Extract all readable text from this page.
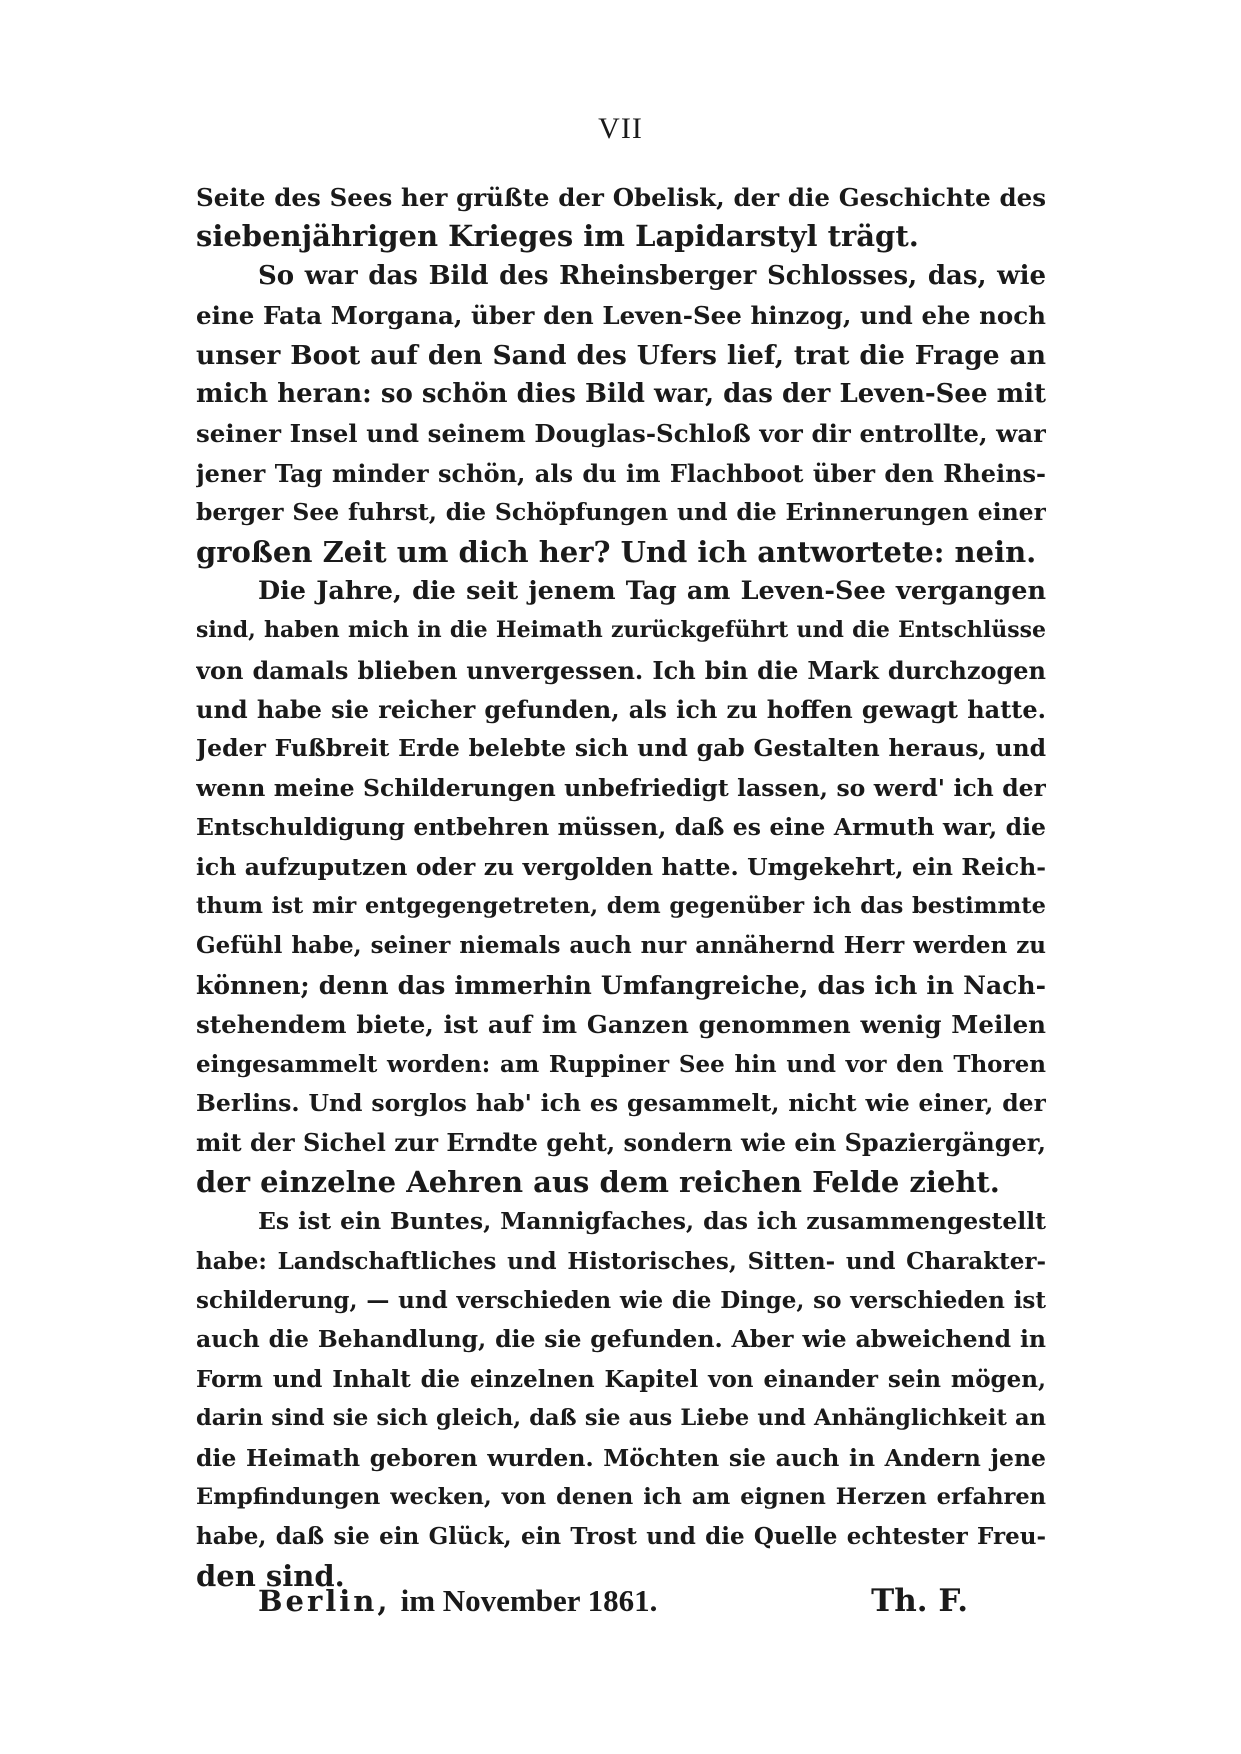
VII
Seite des Sees her grüßte der Obelisk, der die Geschichte des
siebenjährigen Krieges im Lapidarstyl trägt.
So war das Bild des Rheinsberger Schlosses, das, wie
eine Fata Morgana, über den Leven-See hinzog, und ehe noch
unser Boot auf den Sand des Ufers lief, trat die Frage an
mich heran: so schön dies Bild war, das der Leven-See mit
seiner Insel und seinem Douglas-Schloß vor dir entrollte, war
jener Tag minder schön, als du im Flachboot über den Rheins-
berger See fuhrst, die Schöpfungen und die Erinnerungen einer
großen Zeit um dich her? Und ich antwortete: nein.
Die Jahre, die seit jenem Tag am Leven-See vergangen
sind, haben mich in die Heimath zurückgeführt und die Entschlüsse
von damals blieben unvergessen. Ich bin die Mark durchzogen
und habe sie reicher gefunden, als ich zu hoffen gewagt hatte.
Jeder Fußbreit Erde belebte sich und gab Gestalten heraus, und
wenn meine Schilderungen unbefriedigt lassen, so werd' ich der
Entschuldigung entbehren müssen, daß es eine Armuth war, die
ich aufzuputzen oder zu vergolden hatte. Umgekehrt, ein Reich-
thum ist mir entgegengetreten, dem gegenüber ich das bestimmte
Gefühl habe, seiner niemals auch nur annähernd Herr werden zu
können; denn das immerhin Umfangreiche, das ich in Nach-
stehendem biete, ist auf im Ganzen genommen wenig Meilen
eingesammelt worden: am Ruppiner See hin und vor den Thoren
Berlins. Und sorglos hab' ich es gesammelt, nicht wie einer, der
mit der Sichel zur Erndte geht, sondern wie ein Spaziergänger,
der einzelne Aehren aus dem reichen Felde zieht.
Es ist ein Buntes, Mannigfaches, das ich zusammengestellt
habe: Landschaftliches und Historisches, Sitten- und Charakter-
schilderung, — und verschieden wie die Dinge, so verschieden ist
auch die Behandlung, die sie gefunden. Aber wie abweichend in
Form und Inhalt die einzelnen Kapitel von einander sein mögen,
darin sind sie sich gleich, daß sie aus Liebe und Anhänglichkeit an
die Heimath geboren wurden. Möchten sie auch in Andern jene
Empfindungen wecken, von denen ich am eignen Herzen erfahren
habe, daß sie ein Glück, ein Trost und die Quelle echtester Freu-
den sind.
Berlin, im November 1861.	Th. F.
